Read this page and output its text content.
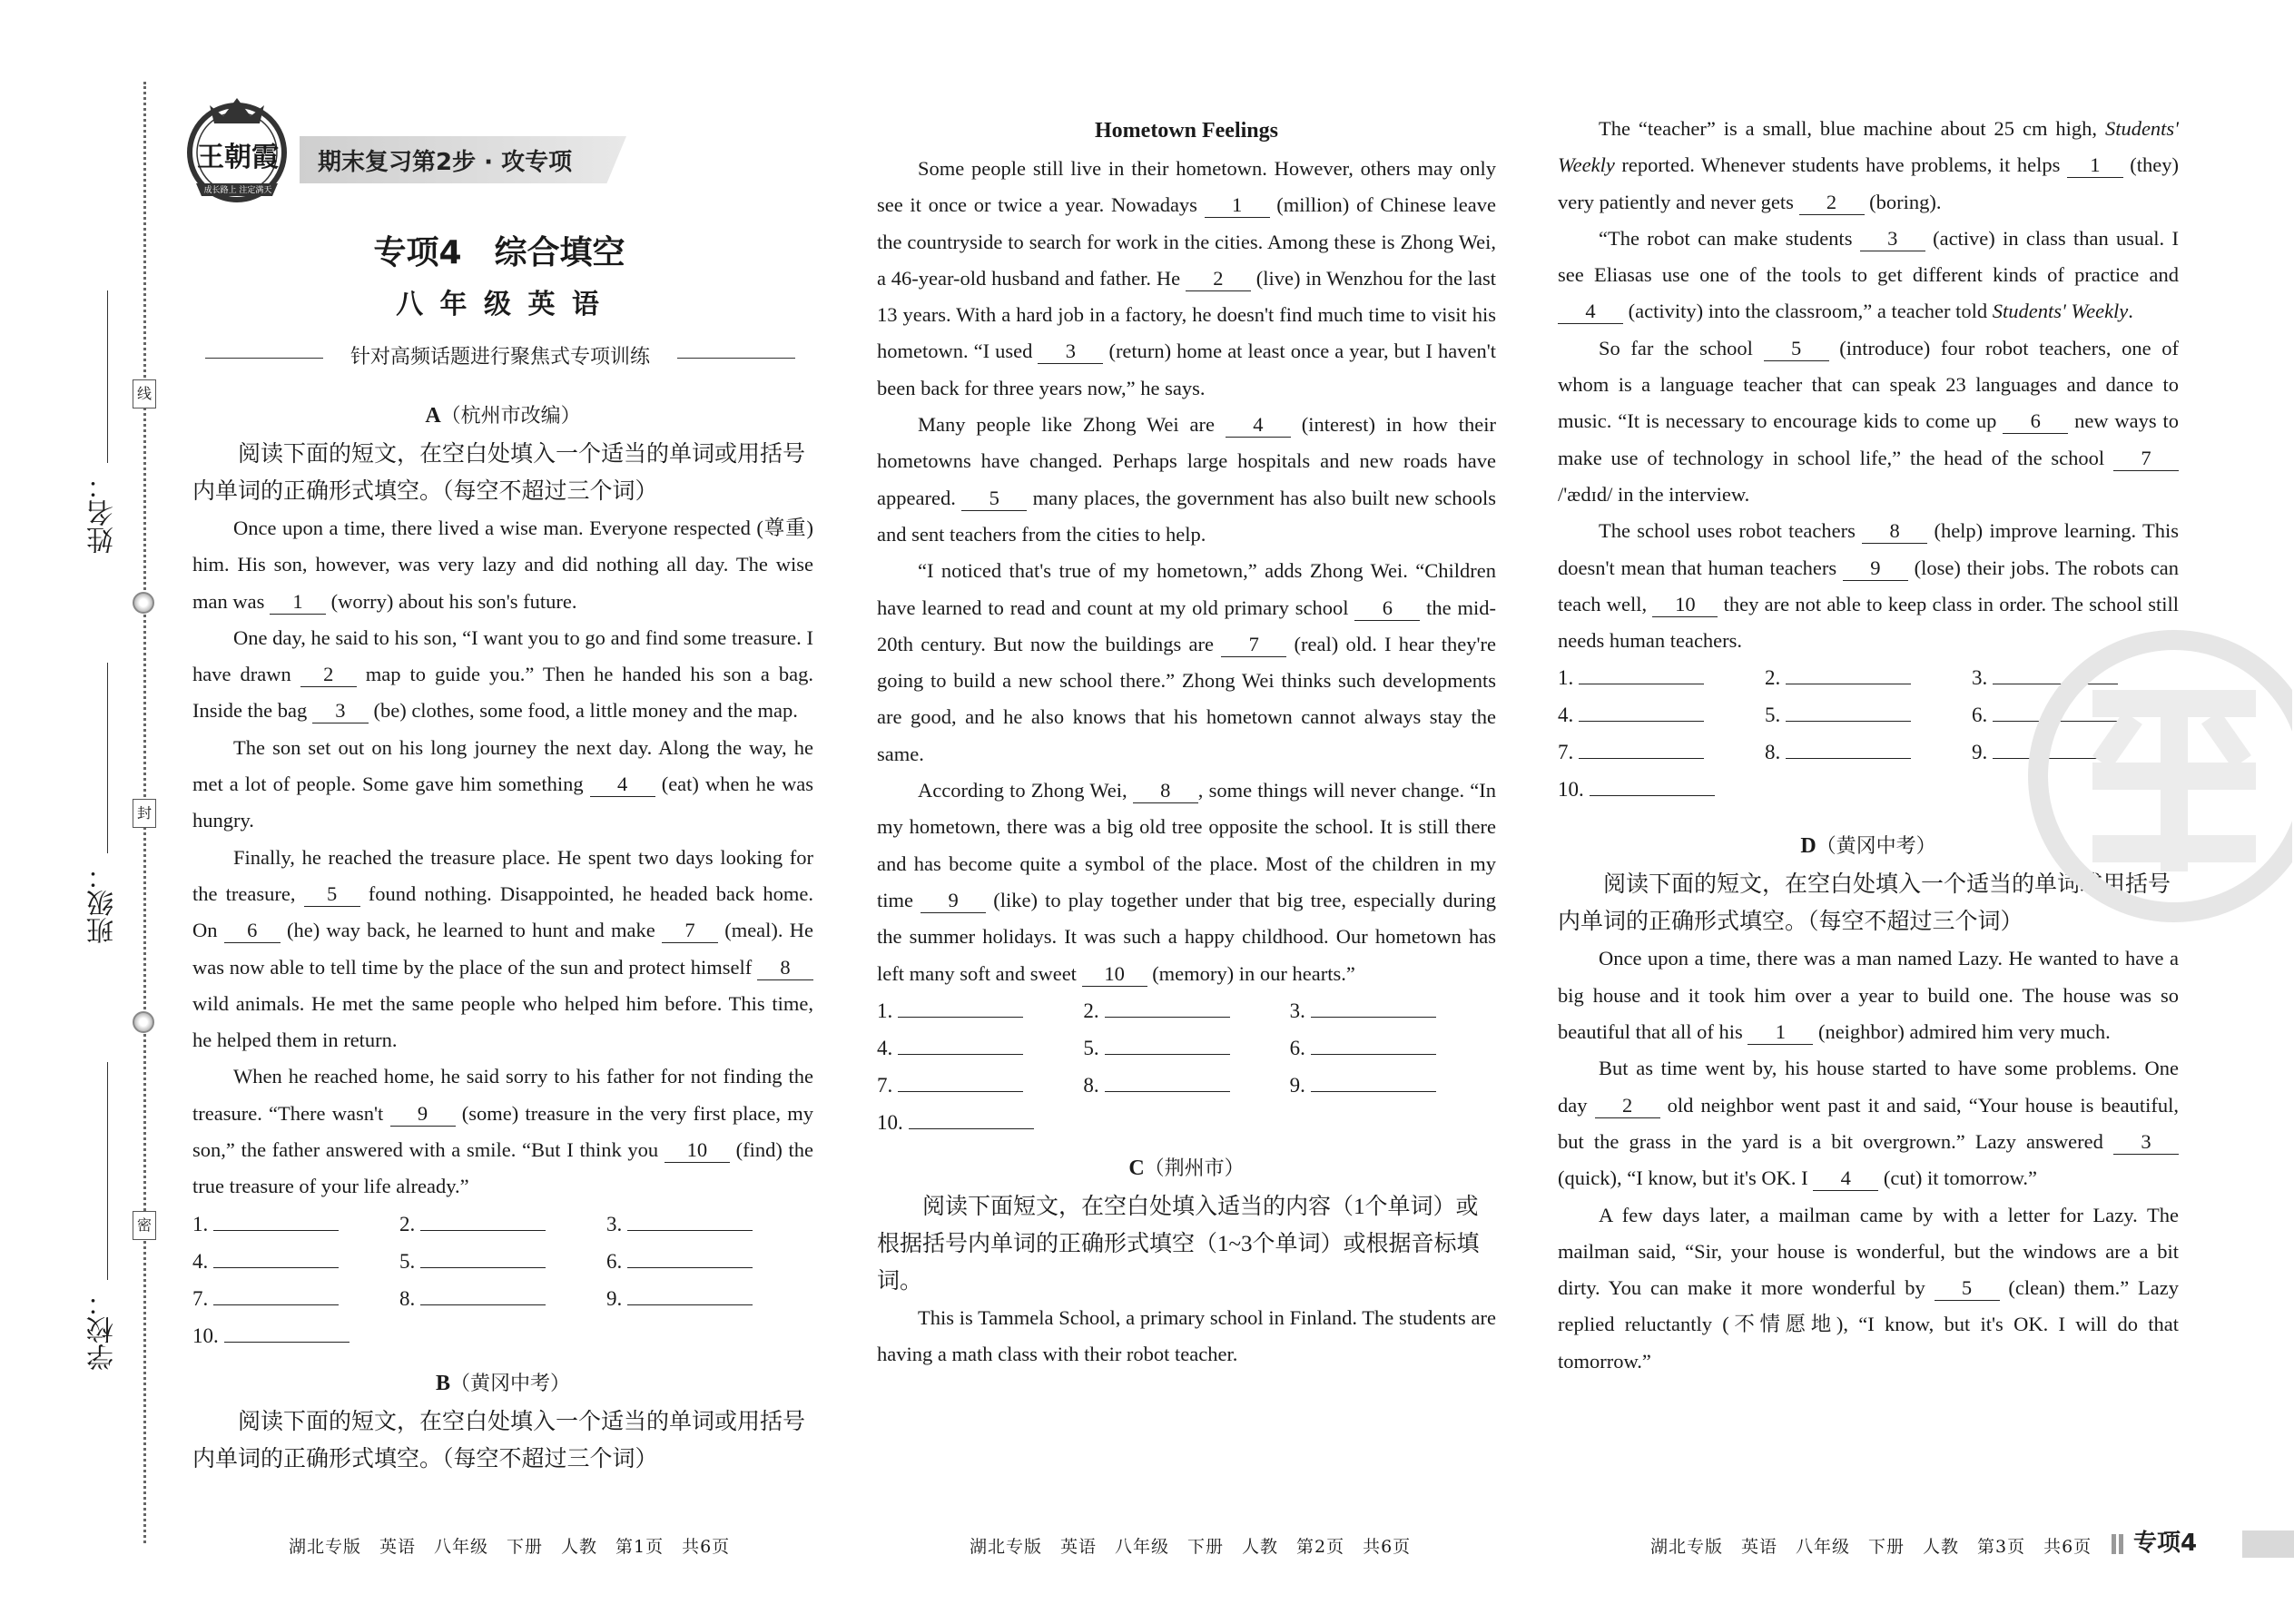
姓名：
班级：
学校：
线
封
密
王朝霞
成长路上 注定满天
期末复习第2步 · 攻专项
专项4　综合填空
八 年 级 英 语
针对高频话题进行聚焦式专项训练
A（杭州市改编）

阅读下面的短文，在空白处填入一个适当的单词或用括号内单词的正确形式填空。（每空不超过三个词）

Once upon a time, there lived a wise man. Everyone respected (尊重) him. His son, however, was very lazy and did nothing all day. The wise man was 1 (worry) about his son's future.

One day, he said to his son, “I want you to go and find some treasure. I have drawn 2 map to guide you.” Then he handed his son a bag. Inside the bag 3 (be) clothes, some food, a little money and the map.

The son set out on his long journey the next day. Along the way, he met a lot of people. Some gave him something 4 (eat) when he was hungry.

Finally, he reached the treasure place. He spent two days looking for the treasure, 5 found nothing. Disappointed, he headed back home. On 6 (he) way back, he learned to hunt and make 7 (meal). He was now able to tell time by the place of the sun and protect himself 8 wild animals. He met the same people who helped him before. This time, he helped them in return.

When he reached home, he said sorry to his father for not finding the treasure. “There wasn't 9 (some) treasure in the very first place, my son,” the father answered with a smile. “But I think you 10 (find) the true treasure of your life already.”

1.	2.	3.
4.	5.	6.
7.	8.	9.
10.
B（黄冈中考）

阅读下面的短文，在空白处填入一个适当的单词或用括号内单词的正确形式填空。（每空不超过三个词）

Hometown Feelings

Some people still live in their hometown. However, others may only see it once or twice a year. Nowadays 1 (million) of Chinese leave the countryside to search for work in the cities. Among these is Zhong Wei, a 46-year-old husband and father. He 2 (live) in Wenzhou for the last 13 years. With a hard job in a factory, he doesn't find much time to visit his hometown. “I used 3 (return) home at least once a year, but I haven't been back for three years now,” he says.

Many people like Zhong Wei are 4 (interest) in how their hometowns have changed. Perhaps large hospitals and new roads have appeared. 5 many places, the government has also built new schools and sent teachers from the cities to help.

“I noticed that's true of my hometown,” adds Zhong Wei. “Children have learned to read and count at my old primary school 6 the mid-20th century. But now the buildings are 7 (real) old. I hear they're going to build a new school there.” Zhong Wei thinks such developments are good, and he also knows that his hometown cannot always stay the same.

According to Zhong Wei, 8 , some things will never change. “In my hometown, there was a big old tree opposite the school. It is still there and has become quite a symbol of the place. Most of the children in my time 9 (like) to play together under that big tree, especially during the summer holidays. It was such a happy childhood. Our hometown has left many soft and sweet 10 (memory) in our hearts.”

1.	2.	3.
4.	5.	6.
7.	8.	9.
10.
C（荆州市）

阅读下面短文，在空白处填入适当的内容（1个单词）或根据括号内单词的正确形式填空（1~3个单词）或根据音标填词。

This is Tammela School, a primary school in Finland. The students are having a math class with their robot teacher.

The “teacher” is a small, blue machine about 25 cm high, Students' Weekly reported. Whenever students have problems, it helps 1 (they) very patiently and never gets 2 (boring).

“The robot can make students 3 (active) in class than usual. I see Eliasas use one of the tools to get different kinds of practice and 4 (activity) into the classroom,” a teacher told Students' Weekly.

So far the school 5 (introduce) four robot teachers, one of whom is a language teacher that can speak 23 languages and dance to music. “It is necessary to encourage kids to come up 6 new ways to make use of technology in school life,” the head of the school 7 /'ædɪd/ in the interview.

The school uses robot teachers 8 (help) improve learning. This doesn't mean that human teachers 9 (lose) their jobs. The robots can teach well, 10 they are not able to keep class in order. The school still needs human teachers.

1.	2.	3.
4.	5.	6.
7.	8.	9.
10.
D（黄冈中考）

阅读下面的短文，在空白处填入一个适当的单词或用括号内单词的正确形式填空。（每空不超过三个词）

Once upon a time, there was a man named Lazy. He wanted to have a big house and it took him over a year to build one. The house was so beautiful that all of his 1 (neighbor) admired him very much.

But as time went by, his house started to have some problems. One day 2 old neighbor went past it and said, “Your house is beautiful, but the grass in the yard is a bit overgrown.” Lazy answered 3 (quick), “I know, but it's OK. I 4 (cut) it tomorrow.”

A few days later, a mailman came by with a letter for Lazy. The mailman said, “Sir, your house is wonderful, but the windows are a bit dirty. You can make it more wonderful by 5 (clean) them.” Lazy replied reluctantly (不情愿地), “I know, but it's OK. I will do that tomorrow.”

湖北专版　英语　八年级　下册　人教　第1页　共6页	湖北专版　英语　八年级　下册　人教　第2页　共6页	湖北专版　英语　八年级　下册　人教　第3页　共6页 专项4
